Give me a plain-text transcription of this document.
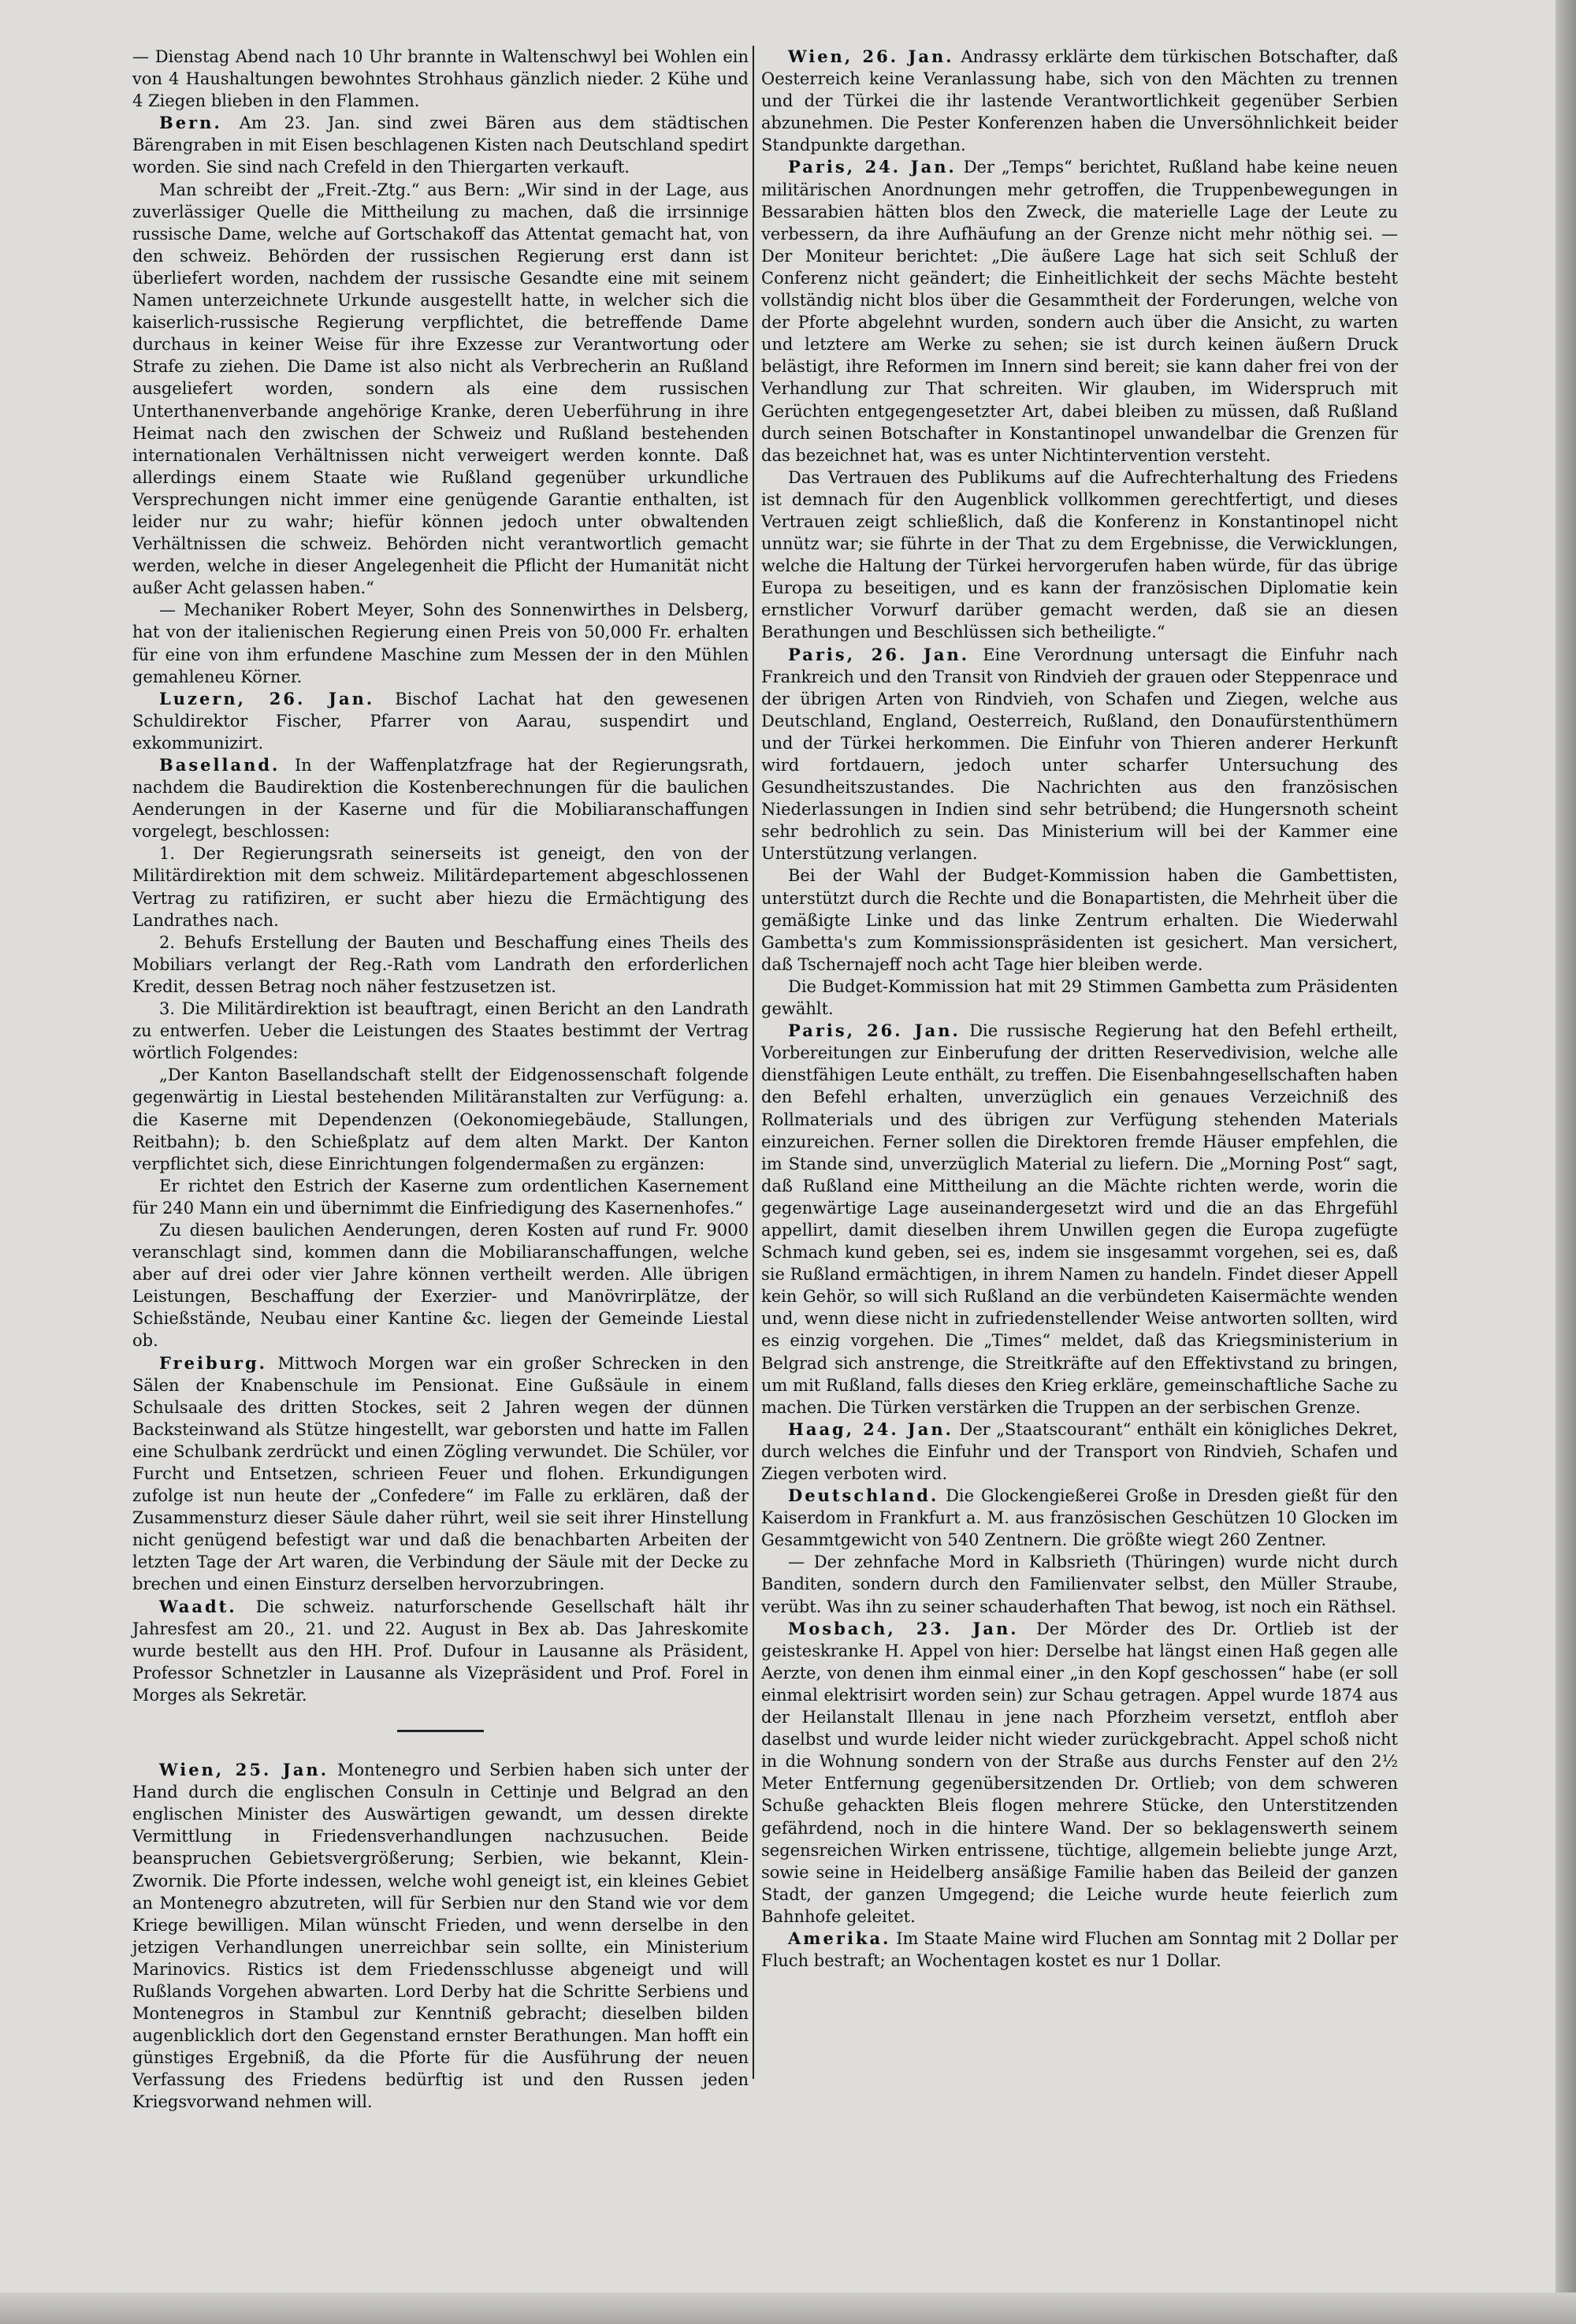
— Dienstag Abend nach 10 Uhr brannte in Waltenschwyl bei Wohlen ein von 4 Haushaltungen bewohntes Strohhaus gänzlich nieder. 2 Kühe und 4 Ziegen blieben in den Flammen.

Bern. Am 23. Jan. sind zwei Bären aus dem städtischen Bärengraben in mit Eisen beschlagenen Kisten nach Deutschland spedirt worden. Sie sind nach Crefeld in den Thiergarten verkauft.

Man schreibt der „Freit.-Ztg.“ aus Bern: „Wir sind in der Lage, aus zuverlässiger Quelle die Mittheilung zu machen, daß die irrsinnige russische Dame, welche auf Gortschakoff das Attentat gemacht hat, von den schweiz. Behörden der russischen Regierung erst dann ist überliefert worden, nachdem der russische Gesandte eine mit seinem Namen unterzeichnete Urkunde ausgestellt hatte, in welcher sich die kaiserlich-russische Regierung verpflichtet, die betreffende Dame durchaus in keiner Weise für ihre Exzesse zur Verantwortung oder Strafe zu ziehen. Die Dame ist also nicht als Verbrecherin an Rußland ausgeliefert worden, sondern als eine dem russischen Unterthanenverbande angehörige Kranke, deren Ueberführung in ihre Heimat nach den zwischen der Schweiz und Rußland bestehenden internationalen Verhältnissen nicht verweigert werden konnte. Daß allerdings einem Staate wie Rußland gegenüber urkundliche Versprechungen nicht immer eine genügende Garantie enthalten, ist leider nur zu wahr; hiefür können jedoch unter obwaltenden Verhältnissen die schweiz. Behörden nicht verantwortlich gemacht werden, welche in dieser Angelegenheit die Pflicht der Humanität nicht außer Acht gelassen haben.“

— Mechaniker Robert Meyer, Sohn des Sonnenwirthes in Delsberg, hat von der italienischen Regierung einen Preis von 50,000 Fr. erhalten für eine von ihm erfundene Maschine zum Messen der in den Mühlen gemahleneu Körner.

Luzern, 26. Jan. Bischof Lachat hat den gewesenen Schuldirektor Fischer, Pfarrer von Aarau, suspendirt und exkommunizirt.

Baselland. In der Waffenplatzfrage hat der Regierungsrath, nachdem die Baudirektion die Kostenberechnungen für die baulichen Aenderungen in der Kaserne und für die Mobiliaranschaffungen vorgelegt, beschlossen:

1. Der Regierungsrath seinerseits ist geneigt, den von der Militärdirektion mit dem schweiz. Militärdepartement abgeschlossenen Vertrag zu ratifiziren, er sucht aber hiezu die Ermächtigung des Landrathes nach.

2. Behufs Erstellung der Bauten und Beschaffung eines Theils des Mobiliars verlangt der Reg.-Rath vom Landrath den erforderlichen Kredit, dessen Betrag noch näher festzusetzen ist.

3. Die Militärdirektion ist beauftragt, einen Bericht an den Landrath zu entwerfen. Ueber die Leistungen des Staates bestimmt der Vertrag wörtlich Folgendes:

„Der Kanton Basellandschaft stellt der Eidgenossenschaft folgende gegenwärtig in Liestal bestehenden Militäranstalten zur Verfügung: a. die Kaserne mit Dependenzen (Oekonomiegebäude, Stallungen, Reitbahn); b. den Schießplatz auf dem alten Markt. Der Kanton verpflichtet sich, diese Einrichtungen folgendermaßen zu ergänzen:

Er richtet den Estrich der Kaserne zum ordentlichen Kasernement für 240 Mann ein und übernimmt die Einfriedigung des Kasernenhofes.“

Zu diesen baulichen Aenderungen, deren Kosten auf rund Fr. 9000 veranschlagt sind, kommen dann die Mobiliaranschaffungen, welche aber auf drei oder vier Jahre können vertheilt werden. Alle übrigen Leistungen, Beschaffung der Exerzier- und Manövrirplätze, der Schießstände, Neubau einer Kantine &c. liegen der Gemeinde Liestal ob.

Freiburg. Mittwoch Morgen war ein großer Schrecken in den Sälen der Knabenschule im Pensionat. Eine Gußsäule in einem Schulsaale des dritten Stockes, seit 2 Jahren wegen der dünnen Backsteinwand als Stütze hingestellt, war geborsten und hatte im Fallen eine Schulbank zerdrückt und einen Zögling verwundet. Die Schüler, vor Furcht und Entsetzen, schrieen Feuer und flohen. Erkundigungen zufolge ist nun heute der „Confedere“ im Falle zu erklären, daß der Zusammensturz dieser Säule daher rührt, weil sie seit ihrer Hinstellung nicht genügend befestigt war und daß die benachbarten Arbeiten der letzten Tage der Art waren, die Verbindung der Säule mit der Decke zu brechen und einen Einsturz derselben hervorzubringen.

Waadt. Die schweiz. naturforschende Gesellschaft hält ihr Jahresfest am 20., 21. und 22. August in Bex ab. Das Jahreskomite wurde bestellt aus den HH. Prof. Dufour in Lausanne als Präsident, Professor Schnetzler in Lausanne als Vizepräsident und Prof. Forel in Morges als Sekretär.

Wien, 25. Jan. Montenegro und Serbien haben sich unter der Hand durch die englischen Consuln in Cettinje und Belgrad an den englischen Minister des Auswärtigen gewandt, um dessen direkte Vermittlung in Friedensverhandlungen nachzusuchen. Beide beanspruchen Gebietsvergrößerung; Serbien, wie bekannt, Klein-Zwornik. Die Pforte indessen, welche wohl geneigt ist, ein kleines Gebiet an Montenegro abzutreten, will für Serbien nur den Stand wie vor dem Kriege bewilligen. Milan wünscht Frieden, und wenn derselbe in den jetzigen Verhandlungen unerreichbar sein sollte, ein Ministerium Marinovics. Ristics ist dem Friedensschlusse abgeneigt und will Rußlands Vorgehen abwarten. Lord Derby hat die Schritte Serbiens und Montenegros in Stambul zur Kenntniß gebracht; dieselben bilden augenblicklich dort den Gegenstand ernster Berathungen. Man hofft ein günstiges Ergebniß, da die Pforte für die Ausführung der neuen Verfassung des Friedens bedürftig ist und den Russen jeden Kriegsvorwand nehmen will.

Wien, 26. Jan. Andrassy erklärte dem türkischen Botschafter, daß Oesterreich keine Veranlassung habe, sich von den Mächten zu trennen und der Türkei die ihr lastende Verantwortlichkeit gegenüber Serbien abzunehmen. Die Pester Konferenzen haben die Unversöhnlichkeit beider Standpunkte dargethan.

Paris, 24. Jan. Der „Temps“ berichtet, Rußland habe keine neuen militärischen Anordnungen mehr getroffen, die Truppenbewegungen in Bessarabien hätten blos den Zweck, die materielle Lage der Leute zu verbessern, da ihre Aufhäufung an der Grenze nicht mehr nöthig sei. — Der Moniteur berichtet: „Die äußere Lage hat sich seit Schluß der Conferenz nicht geändert; die Einheitlichkeit der sechs Mächte besteht vollständig nicht blos über die Gesammtheit der Forderungen, welche von der Pforte abgelehnt wurden, sondern auch über die Ansicht, zu warten und letztere am Werke zu sehen; sie ist durch keinen äußern Druck belästigt, ihre Reformen im Innern sind bereit; sie kann daher frei von der Verhandlung zur That schreiten. Wir glauben, im Widerspruch mit Gerüchten entgegengesetzter Art, dabei bleiben zu müssen, daß Rußland durch seinen Botschafter in Konstantinopel unwandelbar die Grenzen für das bezeichnet hat, was es unter Nichtintervention versteht.

Das Vertrauen des Publikums auf die Aufrechterhaltung des Friedens ist demnach für den Augenblick vollkommen gerechtfertigt, und dieses Vertrauen zeigt schließlich, daß die Konferenz in Konstantinopel nicht unnütz war; sie führte in der That zu dem Ergebnisse, die Verwicklungen, welche die Haltung der Türkei hervorgerufen haben würde, für das übrige Europa zu beseitigen, und es kann der französischen Diplomatie kein ernstlicher Vorwurf darüber gemacht werden, daß sie an diesen Berathungen und Beschlüssen sich betheiligte.“

Paris, 26. Jan. Eine Verordnung untersagt die Einfuhr nach Frankreich und den Transit von Rindvieh der grauen oder Steppenrace und der übrigen Arten von Rindvieh, von Schafen und Ziegen, welche aus Deutschland, England, Oesterreich, Rußland, den Donaufürstenthümern und der Türkei herkommen. Die Einfuhr von Thieren anderer Herkunft wird fortdauern, jedoch unter scharfer Untersuchung des Gesundheitszustandes. Die Nachrichten aus den französischen Niederlassungen in Indien sind sehr betrübend; die Hungersnoth scheint sehr bedrohlich zu sein. Das Ministerium will bei der Kammer eine Unterstützung verlangen.

Bei der Wahl der Budget-Kommission haben die Gambettisten, unterstützt durch die Rechte und die Bonapartisten, die Mehrheit über die gemäßigte Linke und das linke Zentrum erhalten. Die Wiederwahl Gambetta's zum Kommissionspräsidenten ist gesichert. Man versichert, daß Tschernajeff noch acht Tage hier bleiben werde.

Die Budget-Kommission hat mit 29 Stimmen Gambetta zum Präsidenten gewählt.

Paris, 26. Jan. Die russische Regierung hat den Befehl ertheilt, Vorbereitungen zur Einberufung der dritten Reservedivision, welche alle dienstfähigen Leute enthält, zu treffen. Die Eisenbahngesellschaften haben den Befehl erhalten, unverzüglich ein genaues Verzeichniß des Rollmaterials und des übrigen zur Verfügung stehenden Materials einzureichen. Ferner sollen die Direktoren fremde Häuser empfehlen, die im Stande sind, unverzüglich Material zu liefern. Die „Morning Post“ sagt, daß Rußland eine Mittheilung an die Mächte richten werde, worin die gegenwärtige Lage auseinandergesetzt wird und die an das Ehrgefühl appellirt, damit dieselben ihrem Unwillen gegen die Europa zugefügte Schmach kund geben, sei es, indem sie insgesammt vorgehen, sei es, daß sie Rußland ermächtigen, in ihrem Namen zu handeln. Findet dieser Appell kein Gehör, so will sich Rußland an die verbündeten Kaisermächte wenden und, wenn diese nicht in zufriedenstellender Weise antworten sollten, wird es einzig vorgehen. Die „Times“ meldet, daß das Kriegsministerium in Belgrad sich anstrenge, die Streitkräfte auf den Effektivstand zu bringen, um mit Rußland, falls dieses den Krieg erkläre, gemeinschaftliche Sache zu machen. Die Türken verstärken die Truppen an der serbischen Grenze.

Haag, 24. Jan. Der „Staatscourant“ enthält ein königliches Dekret, durch welches die Einfuhr und der Transport von Rindvieh, Schafen und Ziegen verboten wird.

Deutschland. Die Glockengießerei Große in Dresden gießt für den Kaiserdom in Frankfurt a. M. aus französischen Geschützen 10 Glocken im Gesammtgewicht von 540 Zentnern. Die größte wiegt 260 Zentner.

— Der zehnfache Mord in Kalbsrieth (Thüringen) wurde nicht durch Banditen, sondern durch den Familienvater selbst, den Müller Straube, verübt. Was ihn zu seiner schauderhaften That bewog, ist noch ein Räthsel.

Mosbach, 23. Jan. Der Mörder des Dr. Ortlieb ist der geisteskranke H. Appel von hier: Derselbe hat längst einen Haß gegen alle Aerzte, von denen ihm einmal einer „in den Kopf geschossen“ habe (er soll einmal elektrisirt worden sein) zur Schau getragen. Appel wurde 1874 aus der Heilanstalt Illenau in jene nach Pforzheim versetzt, entfloh aber daselbst und wurde leider nicht wieder zurückgebracht. Appel schoß nicht in die Wohnung sondern von der Straße aus durchs Fenster auf den 2½ Meter Entfernung gegenübersitzenden Dr. Ortlieb; von dem schweren Schuße gehackten Bleis flogen mehrere Stücke, den Unterstitzenden gefährdend, noch in die hintere Wand. Der so beklagenswerth seinem segensreichen Wirken entrissene, tüchtige, allgemein beliebte junge Arzt, sowie seine in Heidelberg ansäßige Familie haben das Beileid der ganzen Stadt, der ganzen Umgegend; die Leiche wurde heute feierlich zum Bahnhofe geleitet.

Amerika. Im Staate Maine wird Fluchen am Sonntag mit 2 Dollar per Fluch bestraft; an Wochentagen kostet es nur 1 Dollar.
